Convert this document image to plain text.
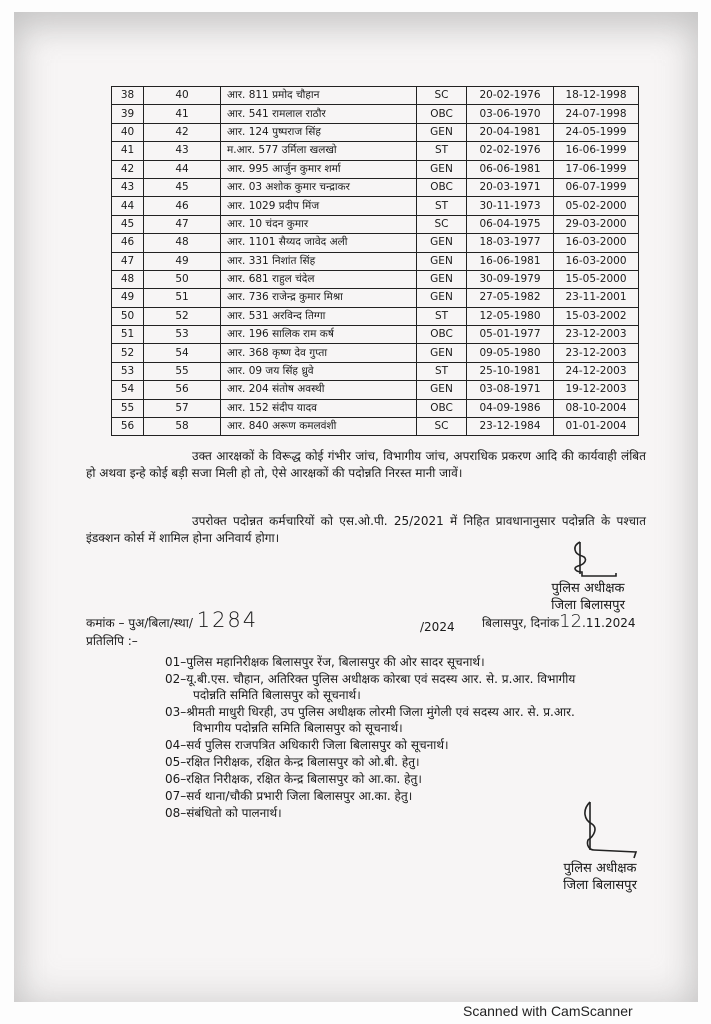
38	40	आर. 811 प्रमोद चौहान	SC	20-02-1976	18-12-1998
39	41	आर. 541 रामलाल राठौर	OBC	03-06-1970	24-07-1998
40	42	आर. 124 पुष्पराज सिंह	GEN	20-04-1981	24-05-1999
41	43	म.आर. 577 उर्मिला खलखो	ST	02-02-1976	16-06-1999
42	44	आर. 995 आर्जुन कुमार शर्मा	GEN	06-06-1981	17-06-1999
43	45	आर. 03 अशोक कुमार चन्द्राकर	OBC	20-03-1971	06-07-1999
44	46	आर. 1029 प्रदीप मिंज	ST	30-11-1973	05-02-2000
45	47	आर. 10 चंदन कुमार	SC	06-04-1975	29-03-2000
46	48	आर. 1101 सैय्यद जावेद अली	GEN	18-03-1977	16-03-2000
47	49	आर. 331 निशांत सिंह	GEN	16-06-1981	16-03-2000
48	50	आर. 681 राहुल चंदेल	GEN	30-09-1979	15-05-2000
49	51	आर. 736 राजेन्द्र कुमार मिश्रा	GEN	27-05-1982	23-11-2001
50	52	आर. 531 अरविन्द तिग्गा	ST	12-05-1980	15-03-2002
51	53	आर. 196 सालिक राम कर्ष	OBC	05-01-1977	23-12-2003
52	54	आर. 368 कृष्ण देव गुप्ता	GEN	09-05-1980	23-12-2003
53	55	आर. 09 जय सिंह ध्रुवे	ST	25-10-1981	24-12-2003
54	56	आर. 204 संतोष अवस्थी	GEN	03-08-1971	19-12-2003
55	57	आर. 152 संदीप यादव	OBC	04-09-1986	08-10-2004
56	58	आर. 840 अरूण कमलवंशी	SC	23-12-1984	01-01-2004
उक्त आरक्षकों के विरूद्ध कोई गंभीर जांच, विभागीय जांच, अपराधिक प्रकरण आदि की कार्यवाही लंबित हो अथवा इन्हे कोई बड़ी सजा मिली हो तो, ऐसे आरक्षकों की पदोन्नति निरस्त मानी जावें।
उपरोक्त पदोन्नत कर्मचारियों को एस.ओ.पी. 25/2021 में निहित प्रावधानानुसार पदोन्नति के पश्चात इंडक्शन कोर्स में शामिल होना अनिवार्य होगा।
पुलिस अधीक्षक
जिला बिलासपुर
कमांक – पुअ/बिला/स्था/ 1284	/2024 बिलासपुर, दिनांक12.11.2024
प्रतिलिपि :–
01–पुलिस महानिरीक्षक बिलासपुर रेंज, बिलासपुर की ओर सादर सूचनार्थ।
02–यू.बी.एस. चौहान, अतिरिक्त पुलिस अधीक्षक कोरबा एवं सदस्य आर. से. प्र.आर. विभागीय
पदोन्नति समिति बिलासपुर को सूचनार्थ।
03–श्रीमती माधुरी धिरही, उप पुलिस अधीक्षक लोरमी जिला मुंगेली एवं सदस्य आर. से. प्र.आर.
विभागीय पदोन्नति समिति बिलासपुर को सूचनार्थ।
04–सर्व पुलिस राजपत्रित अधिकारी जिला बिलासपुर को सूचनार्थ।
05–रक्षित निरीक्षक, रक्षित केन्द्र बिलासपुर को ओ.बी. हेतु।
06–रक्षित निरीक्षक, रक्षित केन्द्र बिलासपुर को आ.का. हेतु।
07–सर्व थाना/चौकी प्रभारी जिला बिलासपुर आ.का. हेतु।
08–संबंधितो को पालनार्थ।
पुलिस अधीक्षक
जिला बिलासपुर
Scanned with CamScanner
